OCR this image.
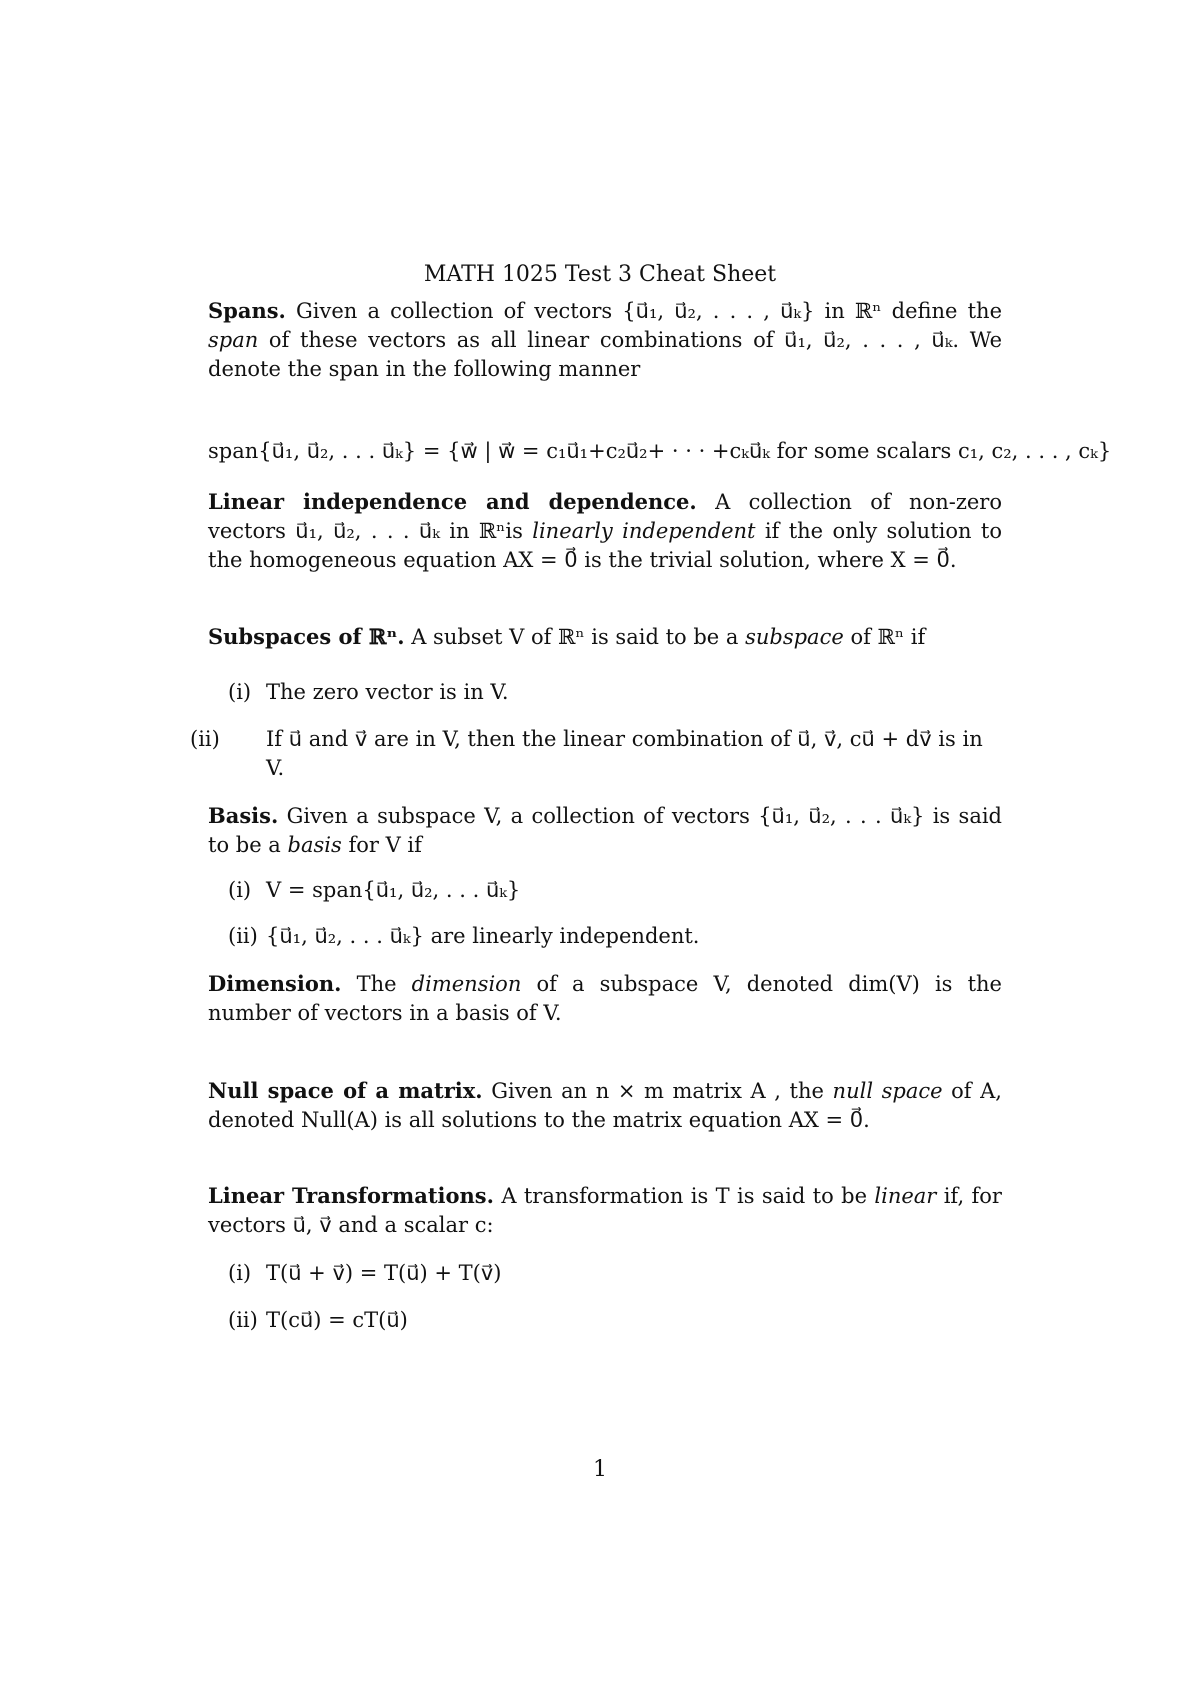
MATH 1025 Test 3 Cheat Sheet
Spans. Given a collection of vectors {u⃗₁, u⃗₂, . . . , u⃗ₖ} in ℝⁿ define the span of these vectors as all linear combinations of u⃗₁, u⃗₂, . . . , u⃗ₖ. We denote the span in the following manner
span{u⃗₁, u⃗₂, . . . u⃗ₖ} = {w⃗ | w⃗ = c₁u⃗₁+c₂u⃗₂+ · · · +cₖu⃗ₖ for some scalars c₁, c₂, . . . , cₖ}
Linear independence and dependence. A collection of non-zero vectors u⃗₁, u⃗₂, . . . u⃗ₖ in ℝⁿis linearly independent if the only solution to the homogeneous equation AX = 0⃗ is the trivial solution, where X = 0⃗.
Subspaces of ℝⁿ. A subset V of ℝⁿ is said to be a subspace of ℝⁿ if
(i) The zero vector is in V.
(ii) If u⃗ and v⃗ are in V, then the linear combination of u⃗, v⃗, cu⃗ + dv⃗ is in V.
Basis. Given a subspace V, a collection of vectors {u⃗₁, u⃗₂, . . . u⃗ₖ} is said to be a basis for V if
(i) V = span{u⃗₁, u⃗₂, . . . u⃗ₖ}
(ii) {u⃗₁, u⃗₂, . . . u⃗ₖ} are linearly independent.
Dimension. The dimension of a subspace V, denoted dim(V) is the number of vectors in a basis of V.
Null space of a matrix. Given an n × m matrix A , the null space of A, denoted Null(A) is all solutions to the matrix equation AX = 0⃗.
Linear Transformations. A transformation is T is said to be linear if, for vectors u⃗, v⃗ and a scalar c:
(i) T(u⃗ + v⃗) = T(u⃗) + T(v⃗)
(ii) T(cu⃗) = cT(u⃗)
1
